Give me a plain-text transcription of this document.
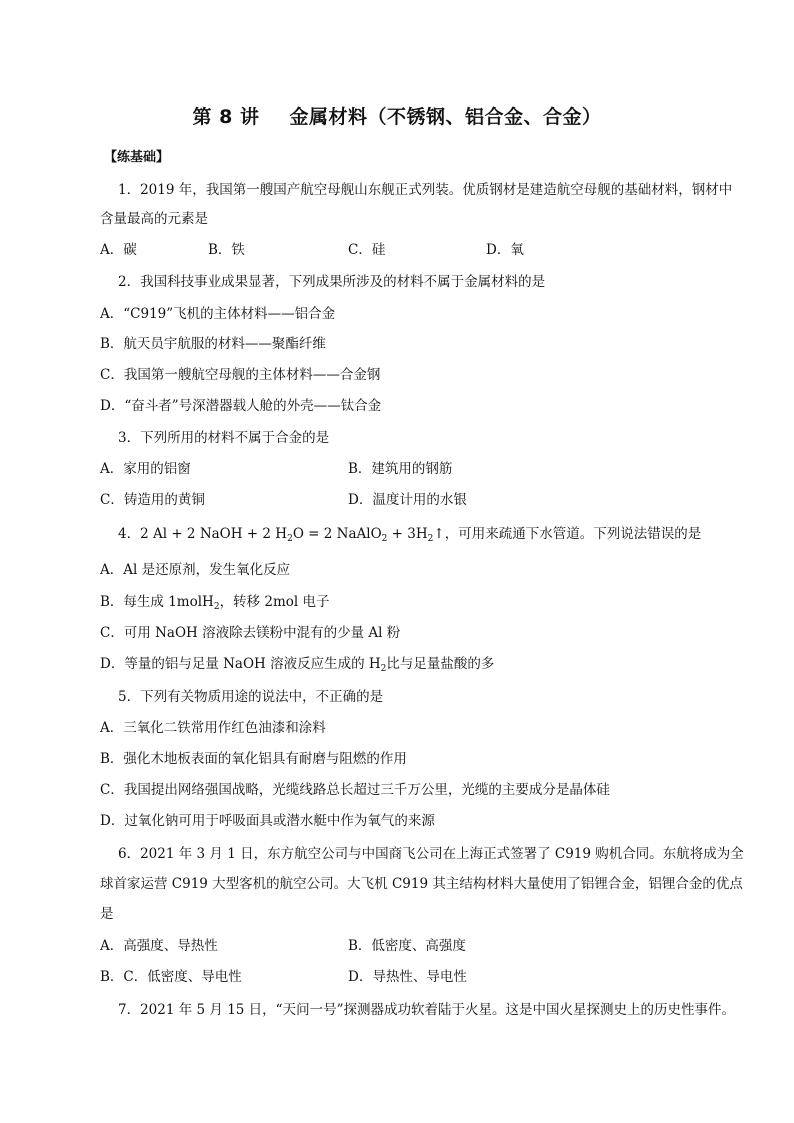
第 8 讲 金属材料（不锈钢、铝合金、合金）
【练基础】
1．2019 年，我国第一艘国产航空母舰山东舰正式列装。优质钢材是建造航空母舰的基础材料，钢材中
含量最高的元素是
A．碳	B．铁	C．硅	D．氧
2．我国科技事业成果显著，下列成果所涉及的材料不属于金属材料的是
A．“C919”飞机的主体材料——铝合金
B．航天员宇航服的材料——聚酯纤维
C．我国第一艘航空母舰的主体材料——合金钢
D．“奋斗者”号深潜器载人舱的外壳——钛合金
3．下列所用的材料不属于合金的是
A．家用的铝窗	B．建筑用的钢筋
C．铸造用的黄铜	D．温度计用的水银
4．2 Al + 2 NaOH + 2 $H_2O = 2$ NaAlO$_2$ + $3H_2↑$，可用来疏通下水管道。下列说法错误的是
A．Al 是还原剂，发生氧化反应
B．每生成 1molH$_2$，转移 2mol 电子
C．可用 NaOH 溶液除去镁粉中混有的少量 Al 粉
D．等量的铝与足量 NaOH 溶液反应生成的 $H_2$比与足量盐酸的多
5．下列有关物质用途的说法中，不正确的是
A．三氧化二铁常用作红色油漆和涂料
B．强化木地板表面的氧化铝具有耐磨与阻燃的作用
C．我国提出网络强国战略，光缆线路总长超过三千万公里，光缆的主要成分是晶体硅
D．过氧化钠可用于呼吸面具或潜水艇中作为氧气的来源
6．2021 年 3 月 1 日，东方航空公司与中国商飞公司在上海正式签署了 C919 购机合同。东航将成为全
球首家运营 C919 大型客机的航空公司。大飞机 C919 其主结构材料大量使用了铝锂合金，铝锂合金的优点
是
A．高强度、导热性	B．低密度、高强度
B．C．低密度、导电性	D．导热性、导电性
7．2021 年 5 月 15 日，“天问一号”探测器成功软着陆于火星。这是中国火星探测史上的历史性事件。
